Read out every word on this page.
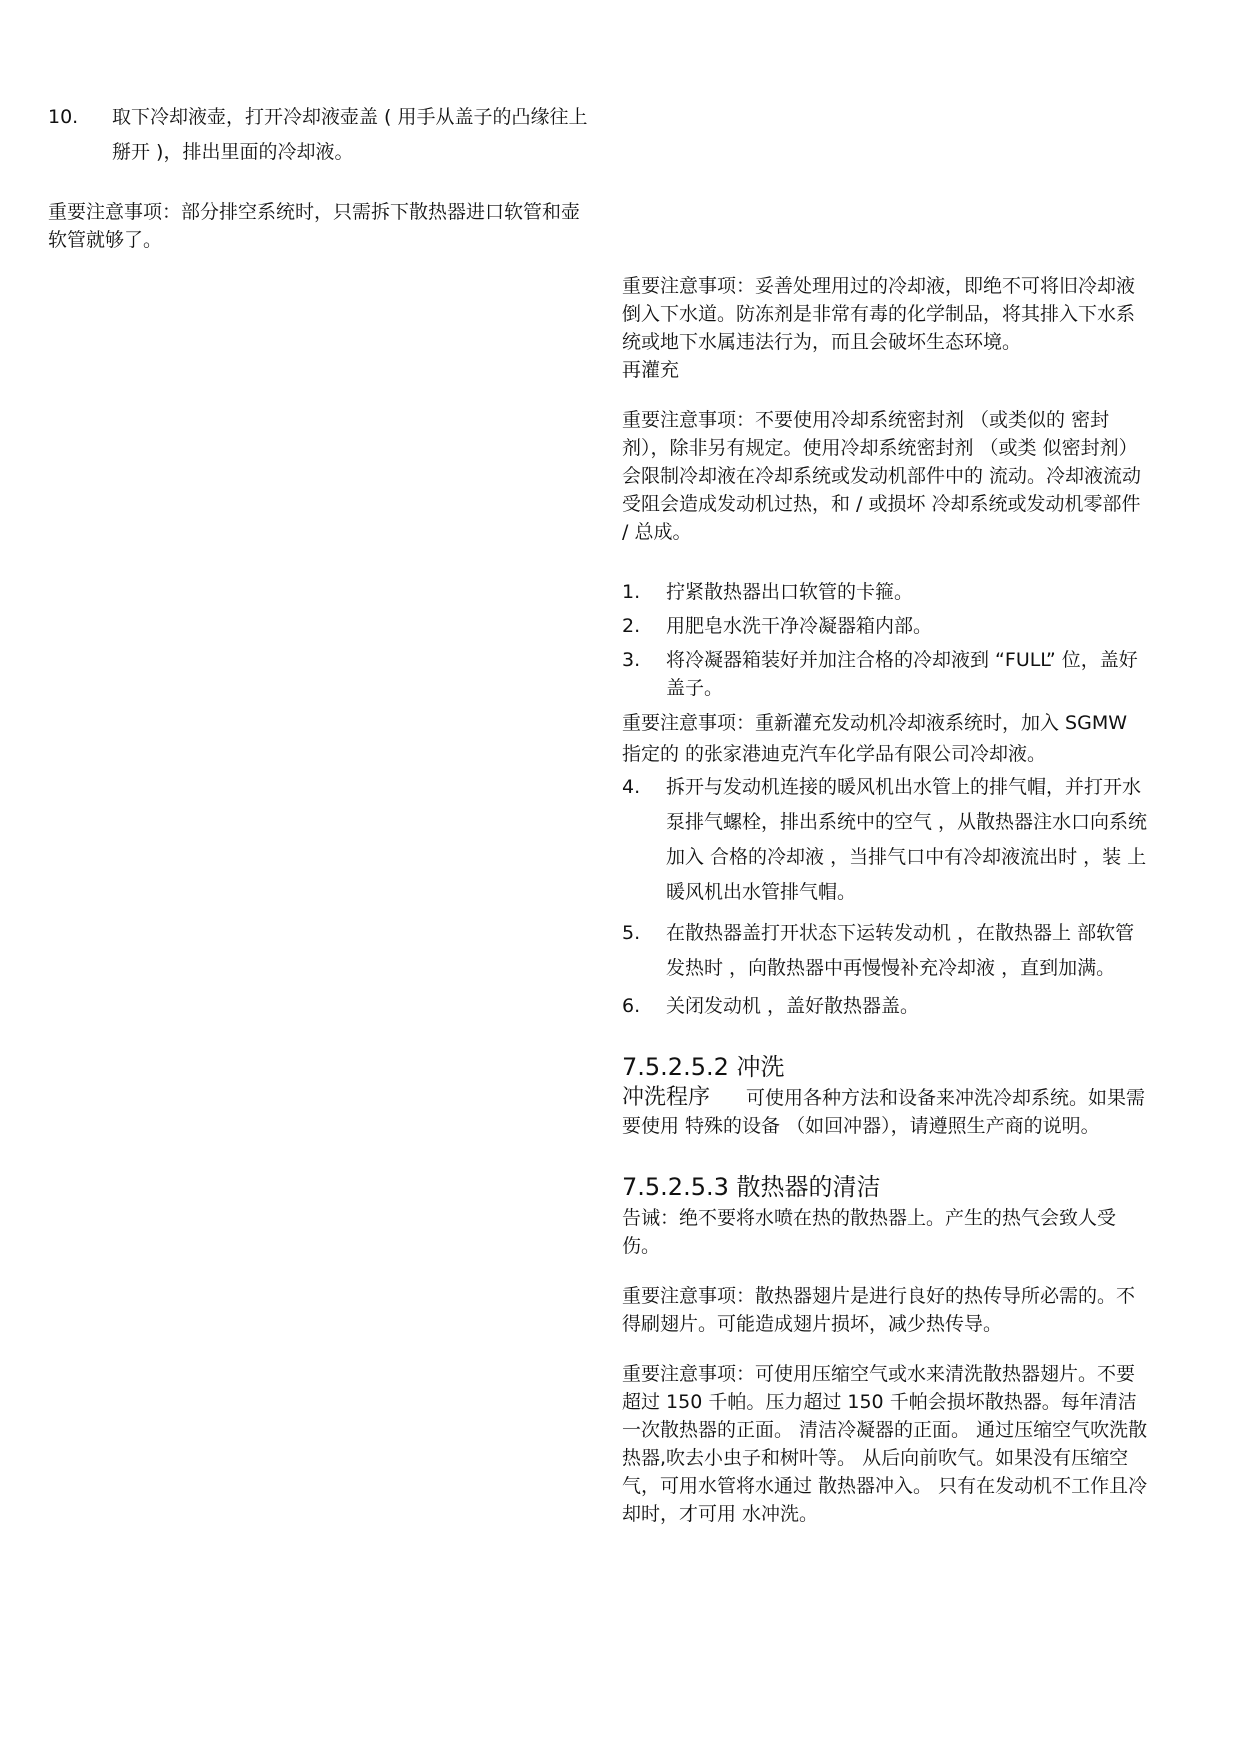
10.	取下冷却液壶，打开冷却液壶盖 ( 用手从盖子的凸缘往上掰开 )，排出里面的冷却液。

重要注意事项：部分排空系统时，只需拆下散热器进口软管和壶软管就够了。

重要注意事项：妥善处理用过的冷却液，即绝不可将旧冷却液倒入下水道。防冻剂是非常有毒的化学制品，将其排入下水系统或地下水属违法行为，而且会破坏生态环境。

再灌充

重要注意事项：不要使用冷却系统密封剂 （或类似的 密封剂），除非另有规定。使用冷却系统密封剂 （或类 似密封剂）会限制冷却液在冷却系统或发动机部件中的 流动。冷却液流动受阻会造成发动机过热，和 / 或损坏 冷却系统或发动机零部件 / 总成。

1.	拧紧散热器出口软管的卡箍。
2.	用肥皂水洗干净冷凝器箱内部。
3.	将冷凝器箱装好并加注合格的冷却液到 “FULL” 位，盖好盖子。

重要注意事项：重新灌充发动机冷却液系统时，加入 SGMW 指定的 的张家港迪克汽车化学品有限公司冷却液。

4.	拆开与发动机连接的暖风机出水管上的排气帽，并打开水泵排气螺栓，排出系统中的空气 ，从散热器注水口向系统加入 合格的冷却液 ，当排气口中有冷却液流出时 ，装 上暖风机出水管排气帽。
5.	在散热器盖打开状态下运转发动机 ，在散热器上 部软管发热时 ，向散热器中再慢慢补充冷却液 ，直到加满。
6.	关闭发动机 ，盖好散热器盖。
7.5.2.5.2 冲洗

冲洗程序 可使用各种方法和设备来冲洗冷却系统。如果需要使用 特殊的设备 （如回冲器），请遵照生产商的说明。

7.5.2.5.3 散热器的清洁

告诫：绝不要将水喷在热的散热器上。产生的热气会致人受伤。

重要注意事项：散热器翅片是进行良好的热传导所必需的。不得刷翅片。可能造成翅片损坏，减少热传导。

重要注意事项：可使用压缩空气或水来清洗散热器翅片。不要超过 150 千帕。压力超过 150 千帕会损坏散热器。每年清洁一次散热器的正面。 清洁冷凝器的正面。 通过压缩空气吹洗散热器,吹去小虫子和树叶等。 从后向前吹气。如果没有压缩空气，可用水管将水通过 散热器冲入。 只有在发动机不工作且冷却时，才可用 水冲洗。
